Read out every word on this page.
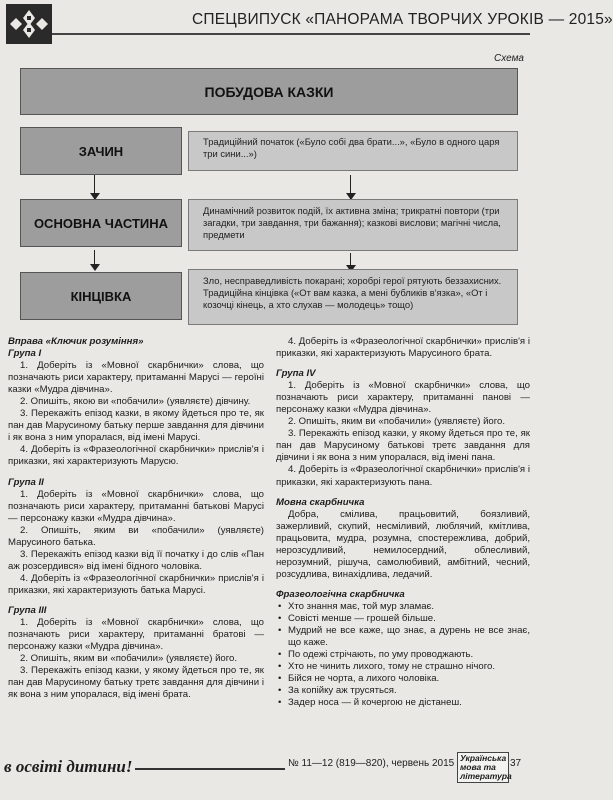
СПЕЦВИПУСК «ПАНОРАМА ТВОРЧИХ УРОКІВ — 2015»
Схема
ПОБУДОВА КАЗКИ
ЗАЧИН
Традиційний початок («Було собі два брати...», «Було в одного царя три сини...»)
ОСНОВНА ЧАСТИНА
Динамічний розвиток подій, їх активна зміна; трикратні повтори (три загадки, три завдання, три бажання); казкові вислови; магічні числа, предмети
КІНЦІВКА
Зло, несправедливість покарані; хоробрі герої рятують беззахисних. Традиційна кінцівка («От вам казка, а мені бубликів в'язка», «От і козочці кінець, а хто слухав — молодець» тощо)

Вправа «Ключик розуміння»

Група І

1. Доберіть із «Мовної скарбнички» слова, що позначають риси характеру, притаманні Марусі — героїні казки «Мудра дівчина».

2. Опишіть, якою ви «побачили» (уявляєте) дівчину.

3. Перекажіть епізод казки, в якому йдеться про те, як пан дав Марусиному батьку перше завдання для дівчини і як вона з ним упоралася, від імені Марусі.

4. Доберіть із «Фразеологічної скарбнички» прислів'я і приказки, які характеризують Марусю.

Група ІІ

1. Доберіть із «Мовної скарбнички» слова, що позначають риси характеру, притаманні батькові Марусі — персонажу казки «Мудра дівчина».

2. Опишіть, яким ви «побачили» (уявляєте) Марусиного батька.

3. Перекажіть епізод казки від її початку і до слів «Пан аж розсердився» від імені бідного чоловіка.

4. Доберіть із «Фразеологічної скарбнички» прислів'я і приказки, які характеризують батька Марусі.

Група ІІІ

1. Доберіть із «Мовної скарбнички» слова, що позначають риси характеру, притаманні братові — персонажу казки «Мудра дівчина».

2. Опишіть, яким ви «побачили» (уявляєте) його.

3. Перекажіть епізод казки, у якому йдеться про те, як пан дав Марусиному батьку третє завдання для дівчини і як вона з ним упоралася, від імені брата.

4. Доберіть із «Фразеологічної скарбнички» прислів'я і приказки, які характеризують Марусиного брата.

Група IV

1. Доберіть із «Мовної скарбнички» слова, що позначають риси характеру, притаманні панові — персонажу казки «Мудра дівчина».

2. Опишіть, яким ви «побачили» (уявляєте) його.

3. Перекажіть епізод казки, у якому йдеться про те, як пан дав Марусиному батькові третє завдання для дівчини і як вона з ним упоралася, від імені пана.

4. Доберіть із «Фразеологічної скарбнички» прислів'я і приказки, які характеризують пана.

Мовна скарбничка

Добра, смілива, працьовитий, боязливий, зажерливий, скупий, несміливий, люблячий, кмітлива, працьовита, мудра, розумна, спостережлива, добрий, нерозсудливий, немилосердний, облесливий, нерозумний, рішуча, самолюбивий, амбітний, чесний, розсудлива, винахідлива, ледачий.

Фразеологічна скарбничка

• Хто знання має, той мур зламає.

• Совісті менше — грошей більше.

• Мудрий не все каже, що знає, а дурень не все знає, що каже.

• По одежі стрічають, по уму проводжають.

• Хто не чинить лихого, тому не страшно нічого.

• Бійся не чорта, а лихого чоловіка.

• За копійку аж трусяться.

• Задер носа — й кочергою не дістанеш.

в освіті дитини!	№ 11—12 (819—820), червень 2015 Українська мова та література
37
